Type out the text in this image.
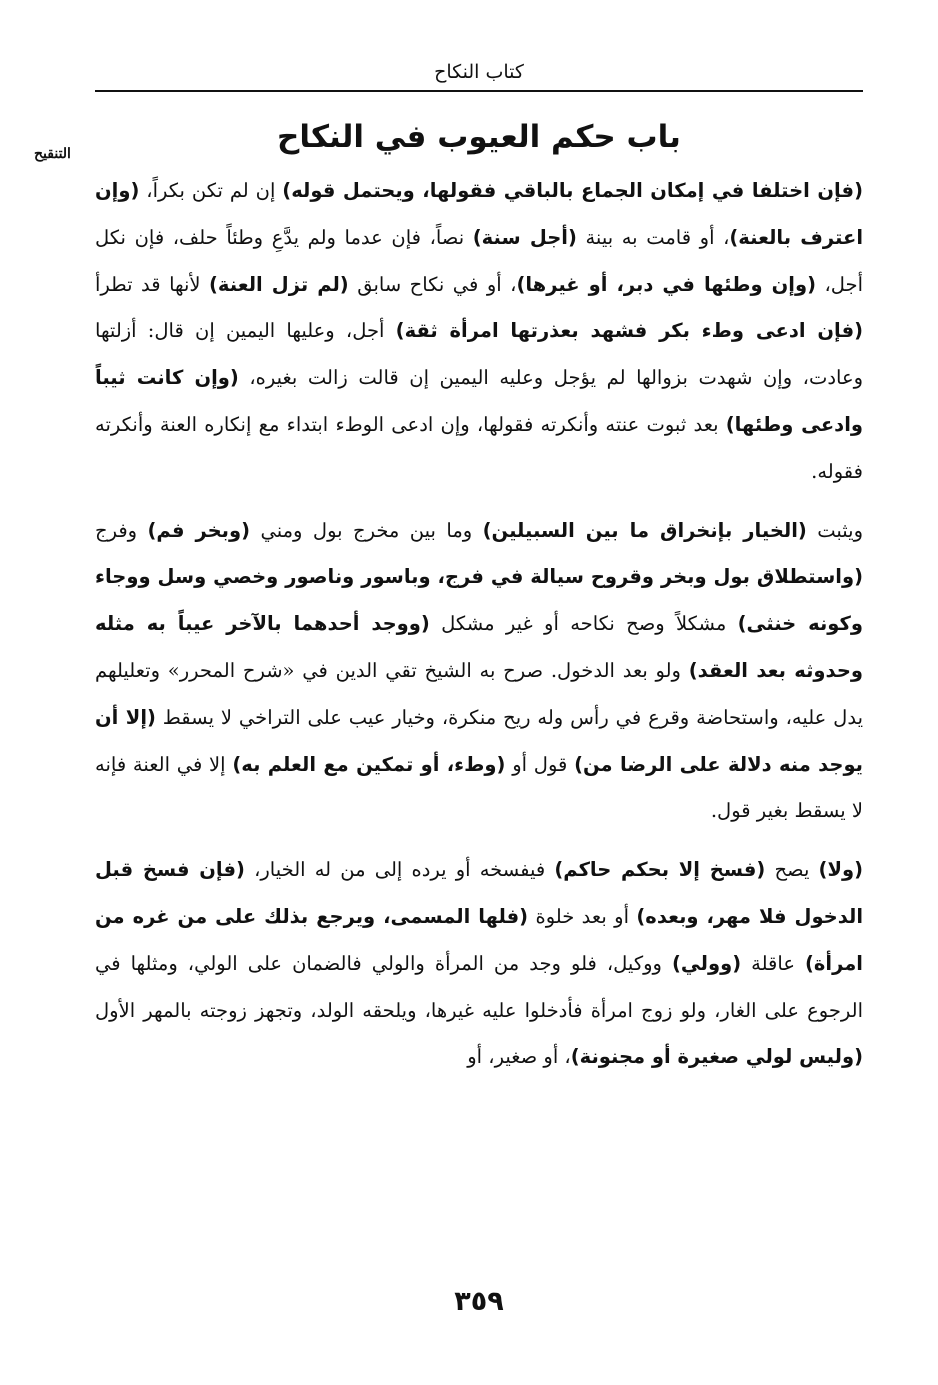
كتاب النكاح
التنقيح	باب حكم العيوب في النكاح

(فإن اختلفا في إمكان الجماع بالباقي فقولها، ويحتمل قوله) إن لم تكن بكراً، (وإن اعترف بالعنة)، أو قامت به بينة (أجل سنة) نصاً، فإن عدما ولم يدَّعِ وطئاً حلف، فإن نكل أجل، (وإن وطئها في دبر، أو غيرها)، أو في نكاح سابق (لم تزل العنة) لأنها قد تطرأ (فإن ادعى وطء بكر فشهد بعذرتها امرأة ثقة) أجل، وعليها اليمين إن قال: أزلتها وعادت، وإن شهدت بزوالها لم يؤجل وعليه اليمين إن قالت زالت بغيره، (وإن كانت ثيباً وادعى وطئها) بعد ثبوت عنته وأنكرته فقولها، وإن ادعى الوطء ابتداء مع إنكاره العنة وأنكرته فقوله.

ويثبت (الخيار بإنخراق ما بين السبيلين) وما بين مخرج بول ومني (وبخر فم) وفرج (واستطلاق بول وبخر وقروح سيالة في فرج، وباسور وناصور وخصي وسل ووجاء وكونه خنثى) مشكلاً وصح نكاحه أو غير مشكل (ووجد أحدهما بالآخر عيباً به مثله وحدوثه بعد العقد) ولو بعد الدخول. صرح به الشيخ تقي الدين في «شرح المحرر» وتعليلهم يدل عليه، واستحاضة وقرع في رأس وله ريح منكرة، وخيار عيب على التراخي لا يسقط (إلا أن يوجد منه دلالة على الرضا من) قول أو (وطء، أو تمكين مع العلم به) إلا في العنة فإنه لا يسقط بغير قول.

(ولا) يصح (فسخ إلا بحكم حاكم) فيفسخه أو يرده إلى من له الخيار، (فإن فسخ قبل الدخول فلا مهر، وبعده) أو بعد خلوة (فلها المسمى، ويرجع بذلك على من غره من امرأة) عاقلة (وولي) ووكيل، فلو وجد من المرأة والولي فالضمان على الولي، ومثلها في الرجوع على الغار، ولو زوج امرأة فأدخلوا عليه غيرها، ويلحقه الولد، وتجهز زوجته بالمهر الأول (وليس لولي صغيرة أو مجنونة)، أو صغير، أو

٣٥٩
